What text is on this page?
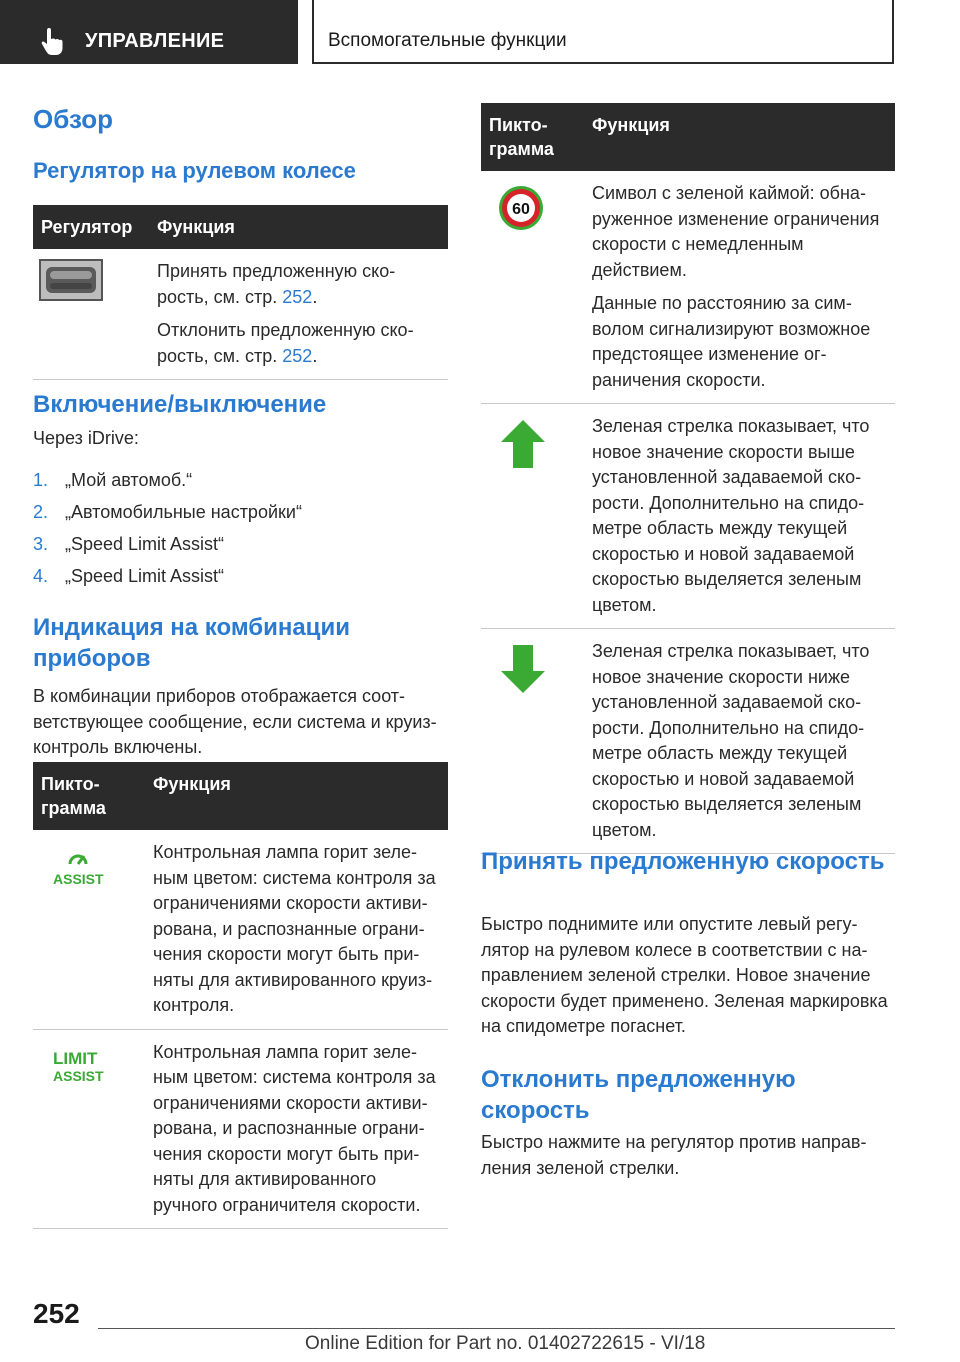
УПРАВЛЕНИЕ	Вспомогательные функции
Обзор
Регулятор на рулевом колесе
Регулятор	Функция

Принять предложенную скорость, см. стр. 252.

Отклонить предложенную скорость, см. стр. 252.

Включение/выключение
Через iDrive:
1. „Мой автомоб.“
2. „Автомобильные настройки“
3. „Speed Limit Assist“
4. „Speed Limit Assist“
Индикация на комбинации приборов
В комбинации приборов отображается соответствующее сообщение, если система и круиз-контроль включены.
Пиктограмма	Функция

ASSIST	Контрольная лампа горит зеленым цветом: система контроля за ограничениями скорости активирована, и распознанные ограничения скорости могут быть приняты для активированного круиз-контроля.

LIMIT
ASSIST	Контрольная лампа горит зеленым цветом: система контроля за ограничениями скорости активирована, и распознанные ограничения скорости могут быть приняты для активированного ручного ограничителя скорости.
Пиктограмма	Функция

60	Символ с зеленой каймой: обнаруженное изменение ограничения скорости с немедленным действием.

Данные по расстоянию за символом сигнализируют возможное предстоящее изменение ограничения скорости.

	Зеленая стрелка показывает, что новое значение скорости выше установленной задаваемой скорости. Дополнительно на спидометре область между текущей скоростью и новой задаваемой скоростью выделяется зеленым цветом.

	Зеленая стрелка показывает, что новое значение скорости ниже установленной задаваемой скорости. Дополнительно на спидометре область между текущей скоростью и новой задаваемой скоростью выделяется зеленым цветом.
Принять предложенную скорость
Быстро поднимите или опустите левый регулятор на рулевом колесе в соответствии с направлением зеленой стрелки. Новое значение скорости будет применено. Зеленая маркировка на спидометре погаснет.
Отклонить предложенную скорость
Быстро нажмите на регулятор против направления зеленой стрелки.
252
Online Edition for Part no. 01402722615 - VI/18
